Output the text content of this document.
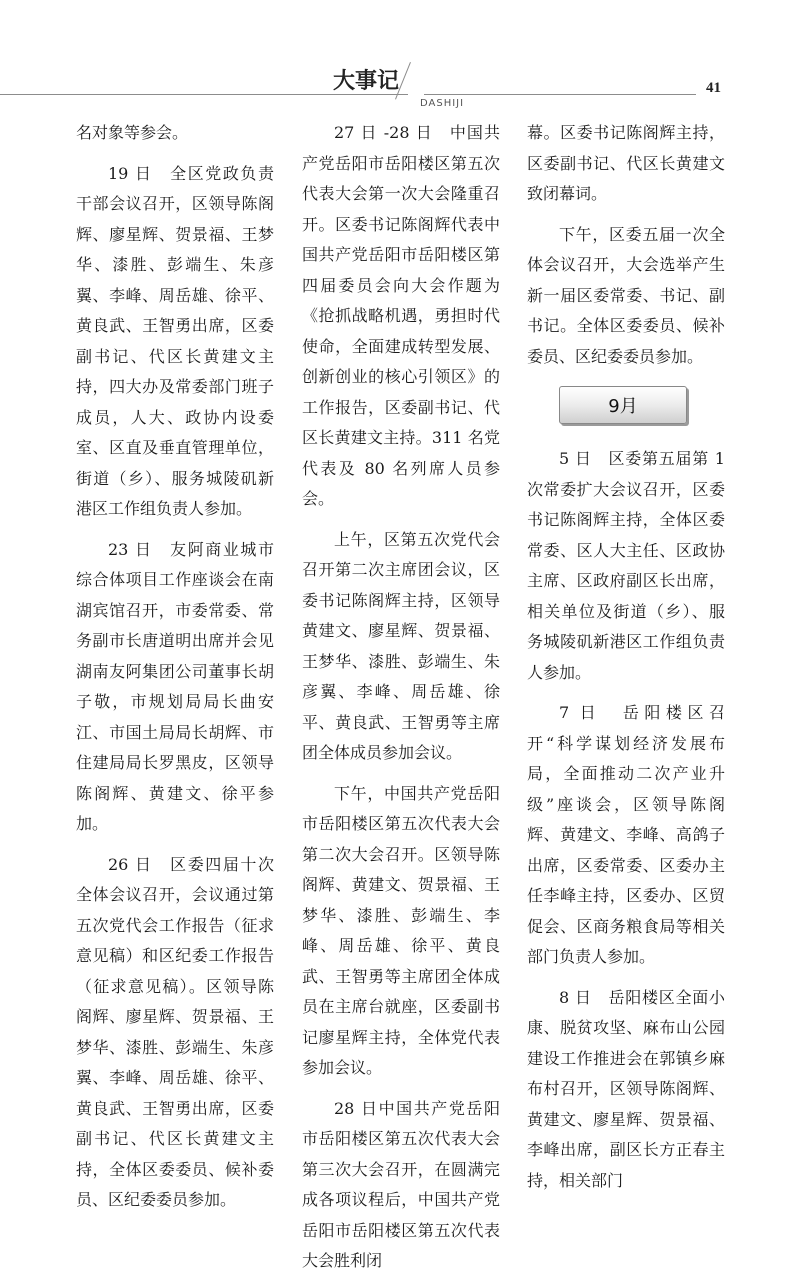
大事记
DASHIJI
41

名对象等参会。

19 日　全区党政负责干部会议召开，区领导陈阁辉、廖星辉、贺景福、王梦华、漆胜、彭端生、朱彦翼、李峰、周岳雄、徐平、黄良武、王智勇出席，区委副书记、代区长黄建文主持，四大办及常委部门班子成员，人大、政协内设委室、区直及垂直管理单位，街道（乡）、服务城陵矶新港区工作组负责人参加。

23 日　友阿商业城市综合体项目工作座谈会在南湖宾馆召开，市委常委、常务副市长唐道明出席并会见湖南友阿集团公司董事长胡子敬，市规划局局长曲安江、市国土局局长胡辉、市住建局局长罗黑皮，区领导陈阁辉、黄建文、徐平参加。

26 日　区委四届十次全体会议召开，会议通过第五次党代会工作报告（征求意见稿）和区纪委工作报告（征求意见稿）。区领导陈阁辉、廖星辉、贺景福、王梦华、漆胜、彭端生、朱彦翼、李峰、周岳雄、徐平、黄良武、王智勇出席，区委副书记、代区长黄建文主持，全体区委委员、候补委员、区纪委委员参加。

27 日 -28 日　中国共产党岳阳市岳阳楼区第五次代表大会第一次大会隆重召开。区委书记陈阁辉代表中国共产党岳阳市岳阳楼区第四届委员会向大会作题为《抢抓战略机遇，勇担时代使命，全面建成转型发展、创新创业的核心引领区》的工作报告，区委副书记、代区长黄建文主持。311 名党代表及 80 名列席人员参会。

上午，区第五次党代会召开第二次主席团会议，区委书记陈阁辉主持，区领导黄建文、廖星辉、贺景福、王梦华、漆胜、彭端生、朱彦翼、李峰、周岳雄、徐平、黄良武、王智勇等主席团全体成员参加会议。

下午，中国共产党岳阳市岳阳楼区第五次代表大会第二次大会召开。区领导陈阁辉、黄建文、贺景福、王梦华、漆胜、彭端生、李峰、周岳雄、徐平、黄良武、王智勇等主席团全体成员在主席台就座，区委副书记廖星辉主持，全体党代表参加会议。

28 日中国共产党岳阳市岳阳楼区第五次代表大会第三次大会召开，在圆满完成各项议程后，中国共产党岳阳市岳阳楼区第五次代表大会胜利闭

幕。区委书记陈阁辉主持，区委副书记、代区长黄建文致闭幕词。

下午，区委五届一次全体会议召开，大会选举产生新一届区委常委、书记、副书记。全体区委委员、候补委员、区纪委委员参加。

9月

5 日　区委第五届第 1 次常委扩大会议召开，区委书记陈阁辉主持，全体区委常委、区人大主任、区政协主席、区政府副区长出席，相关单位及街道（乡）、服务城陵矶新港区工作组负责人参加。

7 日　岳阳楼区召开“科学谋划经济发展布局，全面推动二次产业升级”座谈会，区领导陈阁辉、黄建文、李峰、高鸽子出席，区委常委、区委办主任李峰主持，区委办、区贸促会、区商务粮食局等相关部门负责人参加。

8 日　岳阳楼区全面小康、脱贫攻坚、麻布山公园建设工作推进会在郭镇乡麻布村召开，区领导陈阁辉、黄建文、廖星辉、贺景福、李峰出席，副区长方正春主持，相关部门
